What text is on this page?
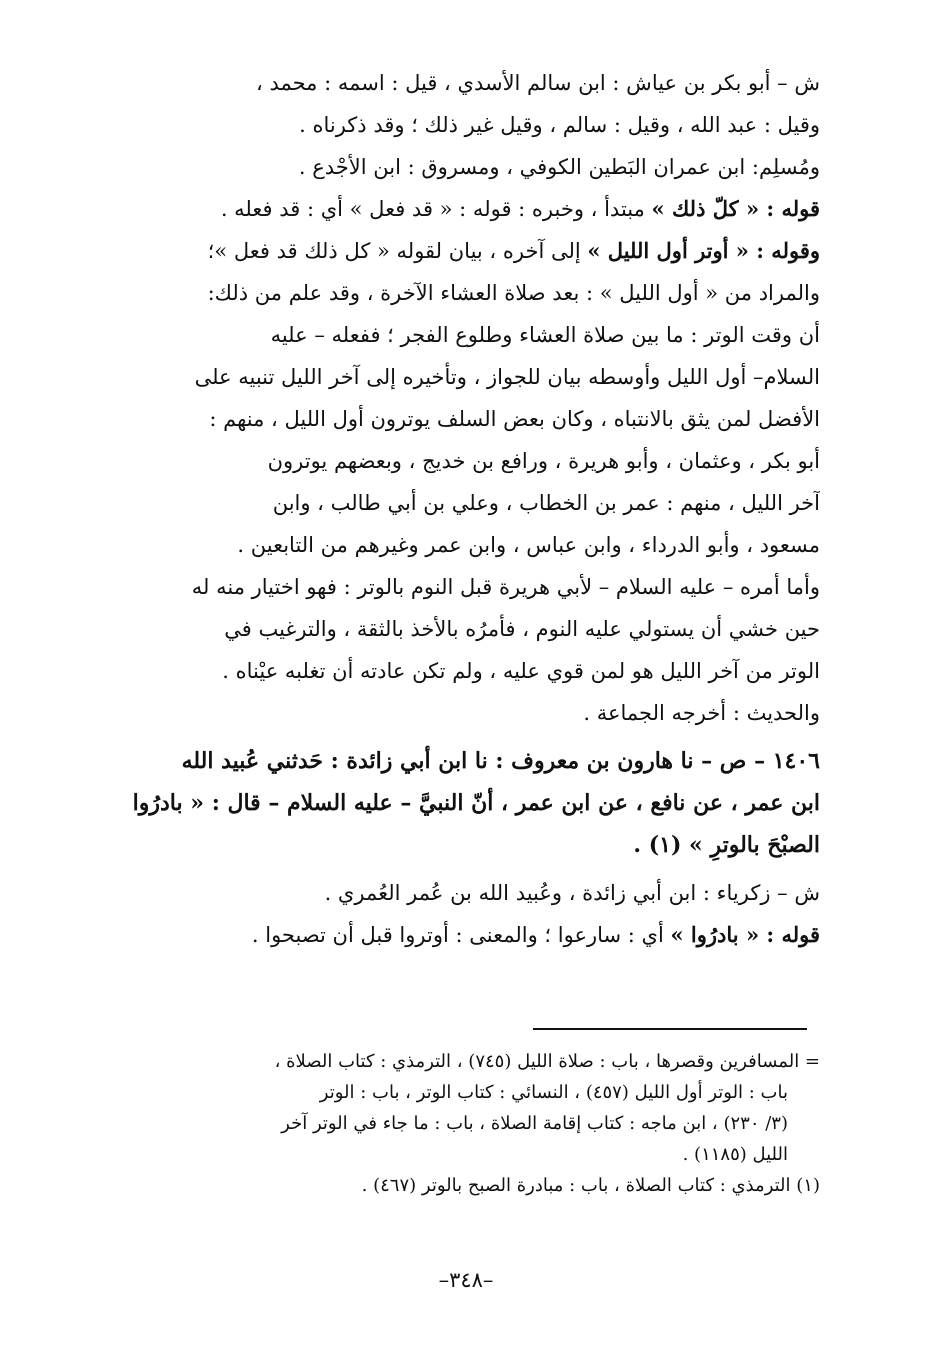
ش – أبو بكر بن عياش : ابن سالم الأسدي ، قيل : اسمه : محمد ،
وقيل : عبد الله ، وقيل : سالم ، وقيل غير ذلك ؛ وقد ذكرناه .
ومُسلِم: ابن عمران البَطين الكوفي ، ومسروق : ابن الأجْدع .
قوله : « كلّ ذلك » مبتدأ ، وخبره : قوله : « قد فعل » أي : قد فعله .
وقوله : « أوتر أول الليل » إلى آخره ، بيان لقوله « كل ذلك قد فعل »؛
والمراد من « أول الليل » : بعد صلاة العشاء الآخرة ، وقد علم من ذلك:
أن وقت الوتر : ما بين صلاة العشاء وطلوع الفجر ؛ ففعله – عليه
السلام– أول الليل وأوسطه بيان للجواز ، وتأخيره إلى آخر الليل تنبيه على
الأفضل لمن يثق بالانتباه ، وكان بعض السلف يوترون أول الليل ، منهم :
أبو بكر ، وعثمان ، وأبو هريرة ، ورافع بن خديج ، وبعضهم يوترون
آخر الليل ، منهم : عمر بن الخطاب ، وعلي بن أبي طالب ، وابن
مسعود ، وأبو الدرداء ، وابن عباس ، وابن عمر وغيرهم من التابعين .
وأما أمره – عليه السلام – لأبي هريرة قبل النوم بالوتر : فهو اختيار منه له
حين خشي أن يستولي عليه النوم ، فأمرُه بالأخذ بالثقة ، والترغيب في
الوتر من آخر الليل هو لمن قوي عليه ، ولم تكن عادته أن تغلبه عيْناه .
والحديث : أخرجه الجماعة .
١٤٠٦ – ص – نا هارون بن معروف : نا ابن أبي زائدة : حَدثني عُبيد الله
ابن عمر ، عن نافع ، عن ابن عمر ، أنّ النبيَّ – عليه السلام – قال : « بادرُوا
الصبْحَ بالوترِ » (١) .
ش – زكرياء : ابن أبي زائدة ، وعُبيد الله بن عُمر العُمري .
قوله : « بادرُوا » أي : سارعوا ؛ والمعنى : أوتروا قبل أن تصبحوا .
= المسافرين وقصرها ، باب : صلاة الليل (٧٤٥) ، الترمذي : كتاب الصلاة ،
باب : الوتر أول الليل (٤٥٧) ، النسائي : كتاب الوتر ، باب : الوتر
(٣/ ٢٣٠) ، ابن ماجه : كتاب إقامة الصلاة ، باب : ما جاء في الوتر آخر
الليل (١١٨٥) .
(١) الترمذي : كتاب الصلاة ، باب : مبادرة الصبح بالوتر (٤٦٧) .
–٣٤٨–
